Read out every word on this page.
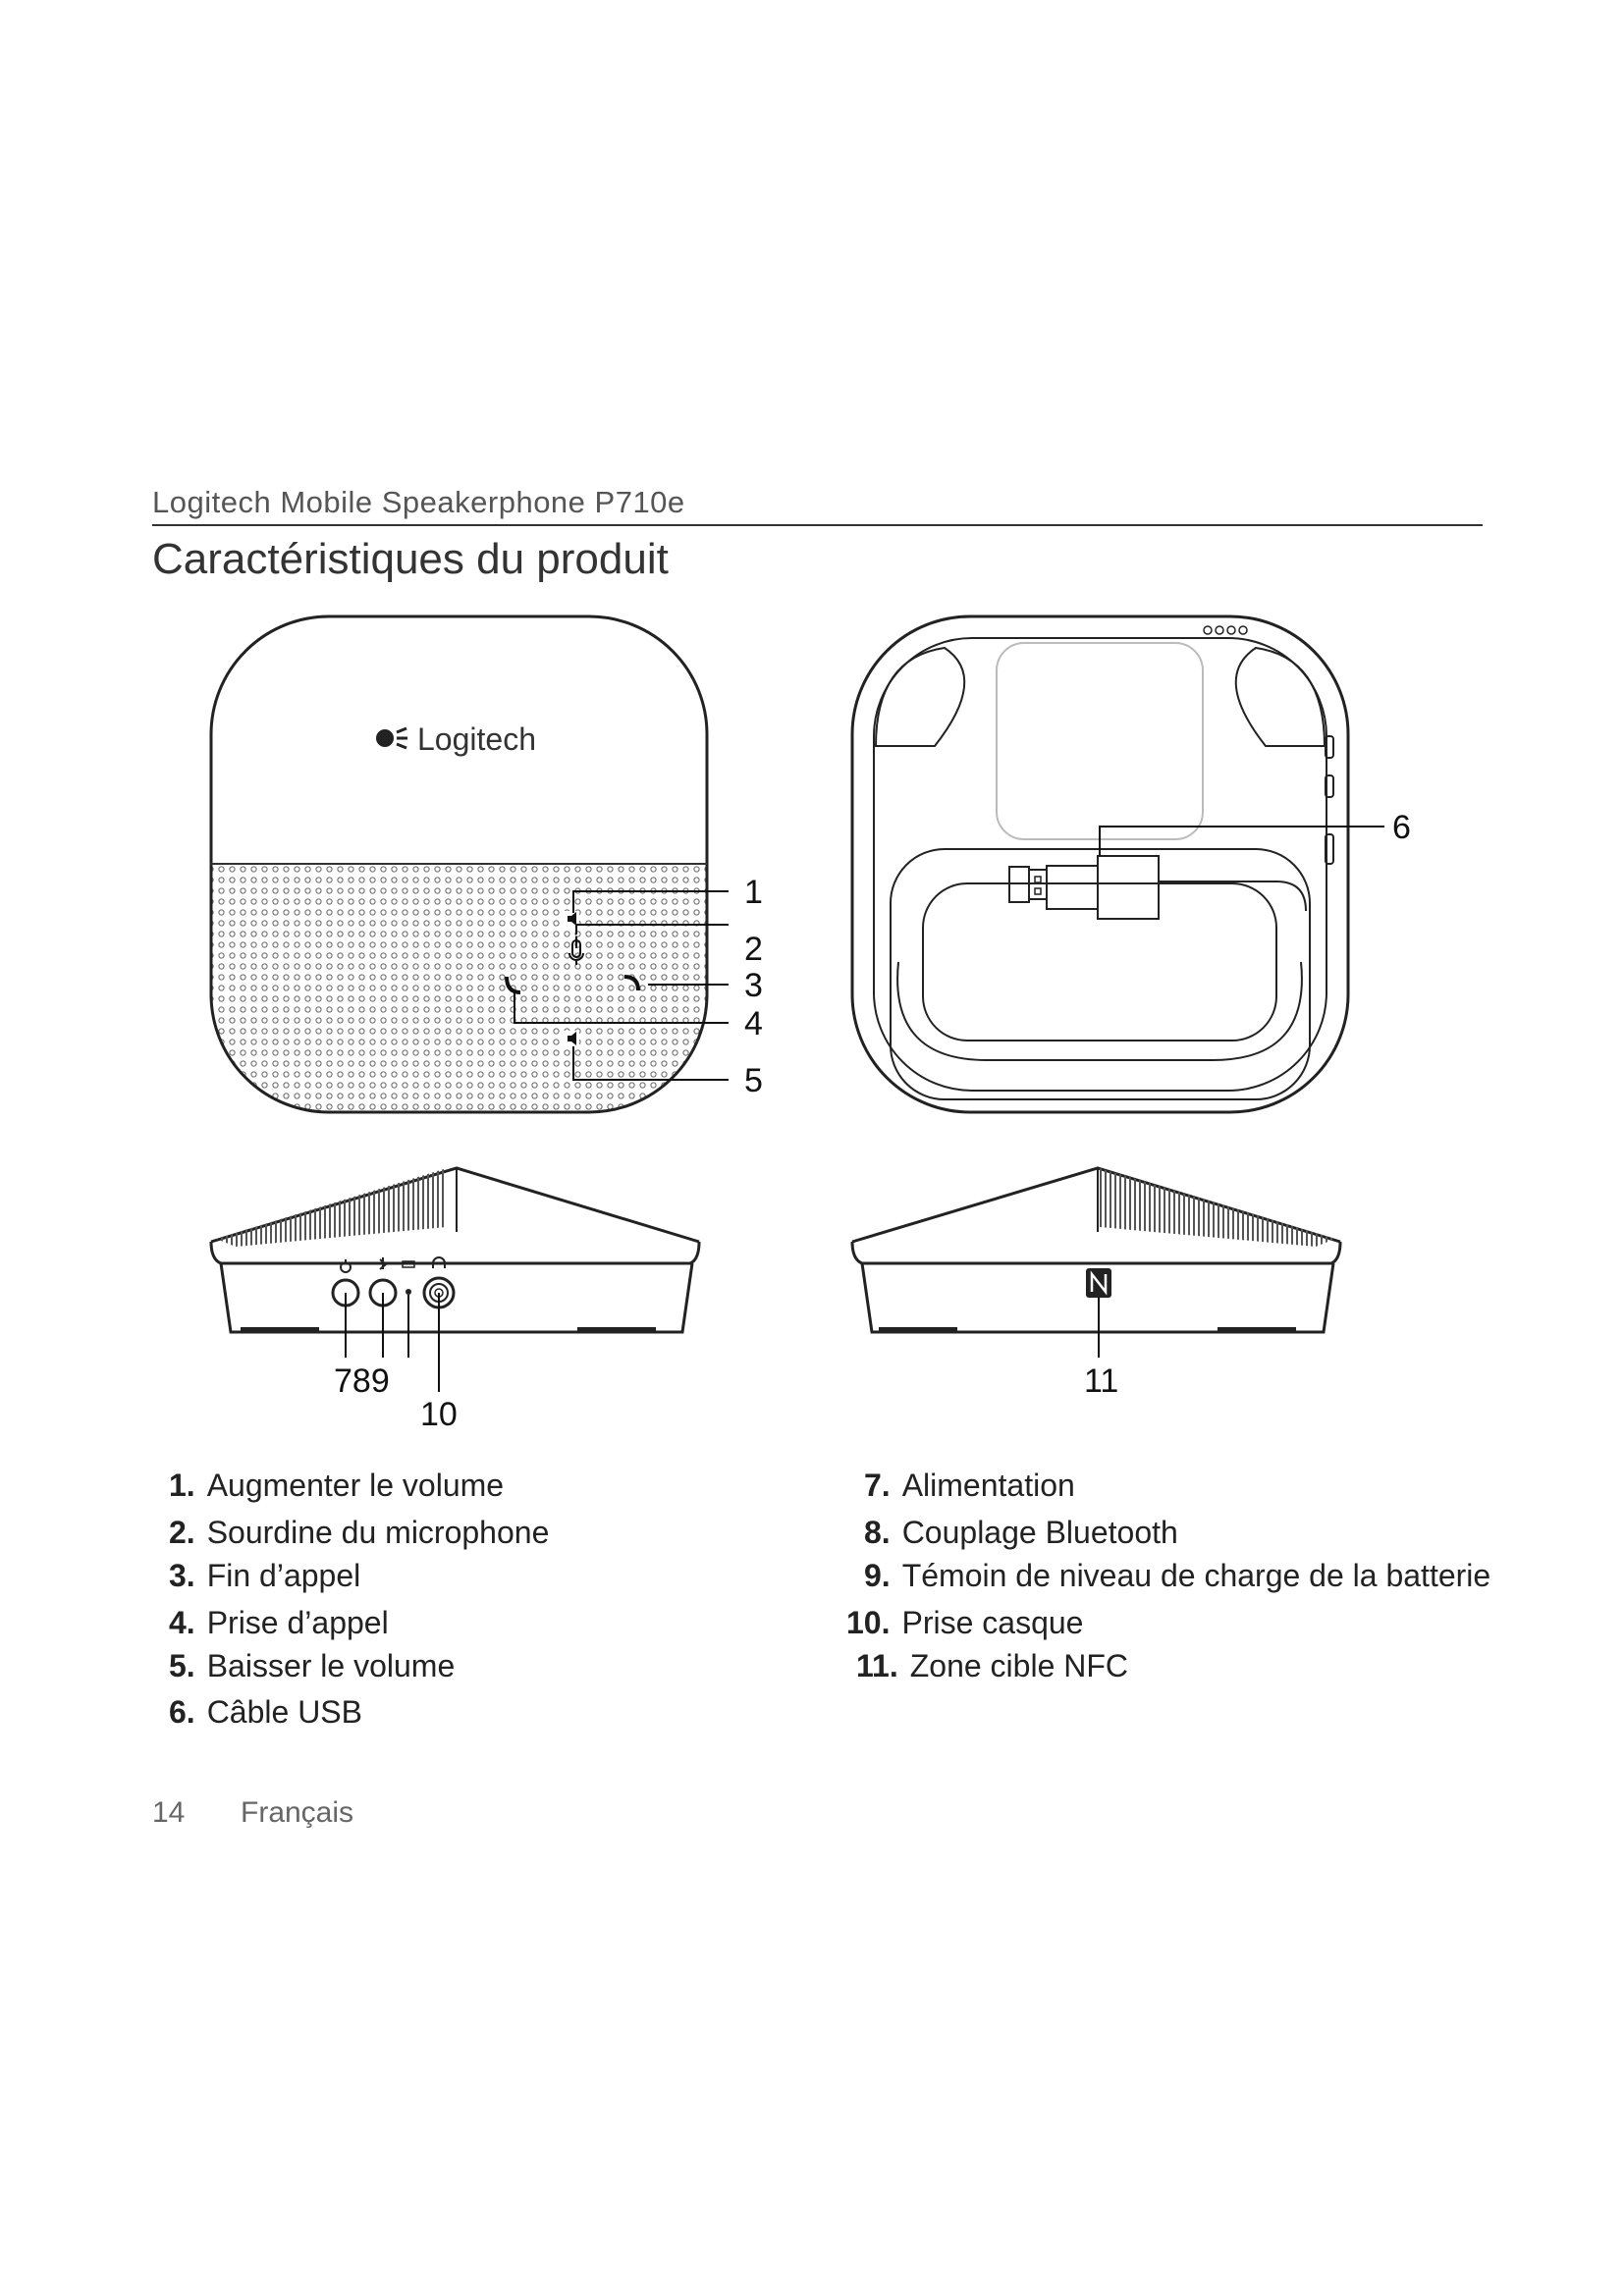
Logitech Mobile Speakerphone P710e
Caractéristiques du produit
Logitech
1
2
3
4
5
6
789
10
11
1. Augmenter le volume
2. Sourdine du microphone
3. Fin d’appel
4. Prise d’appel
5. Baisser le volume
6. Câble USB
7. Alimentation
8. Couplage Bluetooth
9. Témoin de niveau de charge de la batterie
10. Prise casque
11. Zone cible NFC
14 Français
